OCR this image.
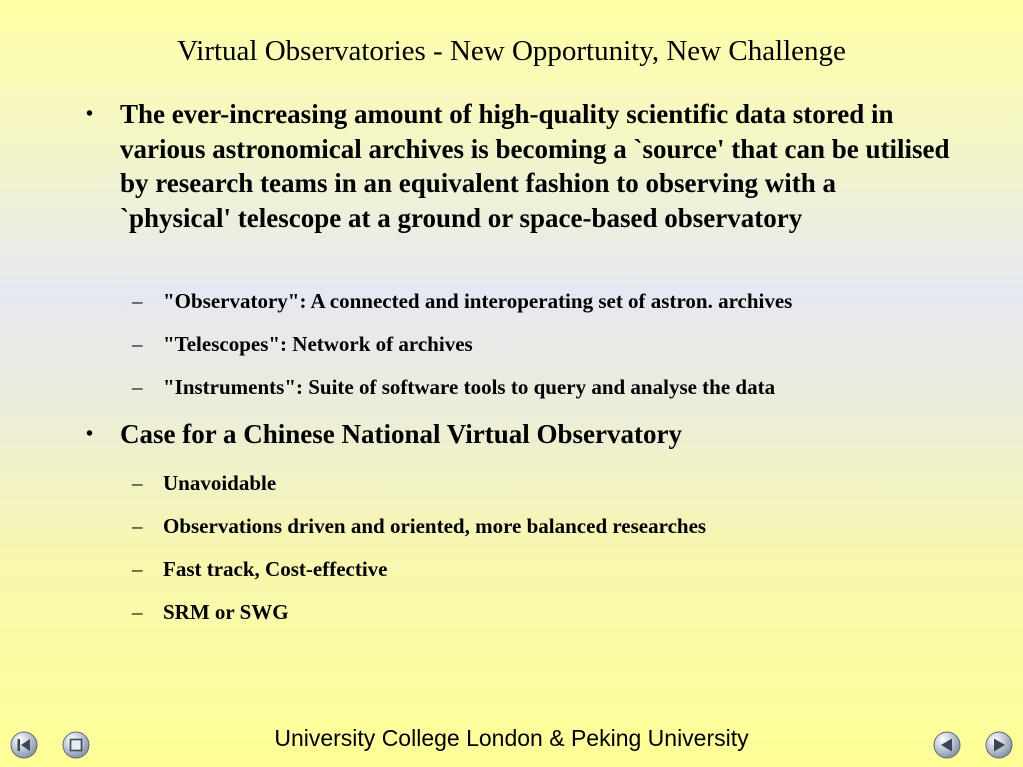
Virtual Observatories - New Opportunity, New Challenge
• The ever-increasing amount of high-quality scientific data stored in various astronomical archives is becoming a `source' that can be utilised by research teams in an equivalent fashion to observing with a `physical' telescope at a ground or space-based observatory
– "Observatory": A connected and interoperating set of astron. archives
– "Telescopes": Network of archives
– "Instruments": Suite of software tools to query and analyse the data
• Case for a Chinese National Virtual Observatory
– Unavoidable
– Observations driven and oriented, more balanced researches
– Fast track, Cost-effective
– SRM or SWG
University College London & Peking University
